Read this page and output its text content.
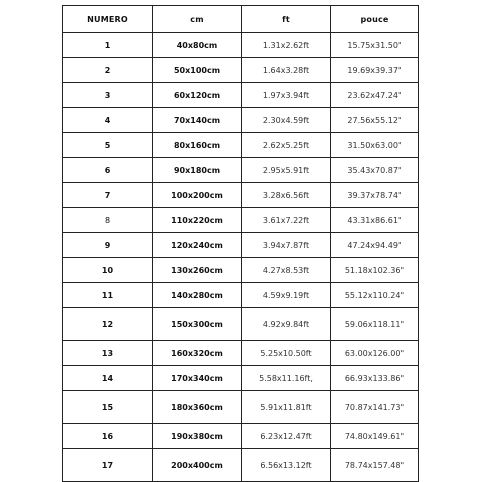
NUMERO	cm	ft	pouce
1	40x80cm	1.31x2.62ft	15.75x31.50"
2	50x100cm	1.64x3.28ft	19.69x39.37"
3	60x120cm	1.97x3.94ft	23.62x47.24"
4	70x140cm	2.30x4.59ft	27.56x55.12"
5	80x160cm	2.62x5.25ft	31.50x63.00"
6	90x180cm	2.95x5.91ft	35.43x70.87"
7	100x200cm	3.28x6.56ft	39.37x78.74"
8	110x220cm	3.61x7.22ft	43.31x86.61"
9	120x240cm	3.94x7.87ft	47.24x94.49"
10	130x260cm	4.27x8.53ft	51.18x102.36"
11	140x280cm	4.59x9.19ft	55.12x110.24"
12	150x300cm	4.92x9.84ft	59.06x118.11"
13	160x320cm	5.25x10.50ft	63.00x126.00"
14	170x340cm	5.58x11.16ft,	66.93x133.86"
15	180x360cm	5.91x11.81ft	70.87x141.73"
16	190x380cm	6.23x12.47ft	74.80x149.61"
17	200x400cm	6.56x13.12ft	78.74x157.48"
